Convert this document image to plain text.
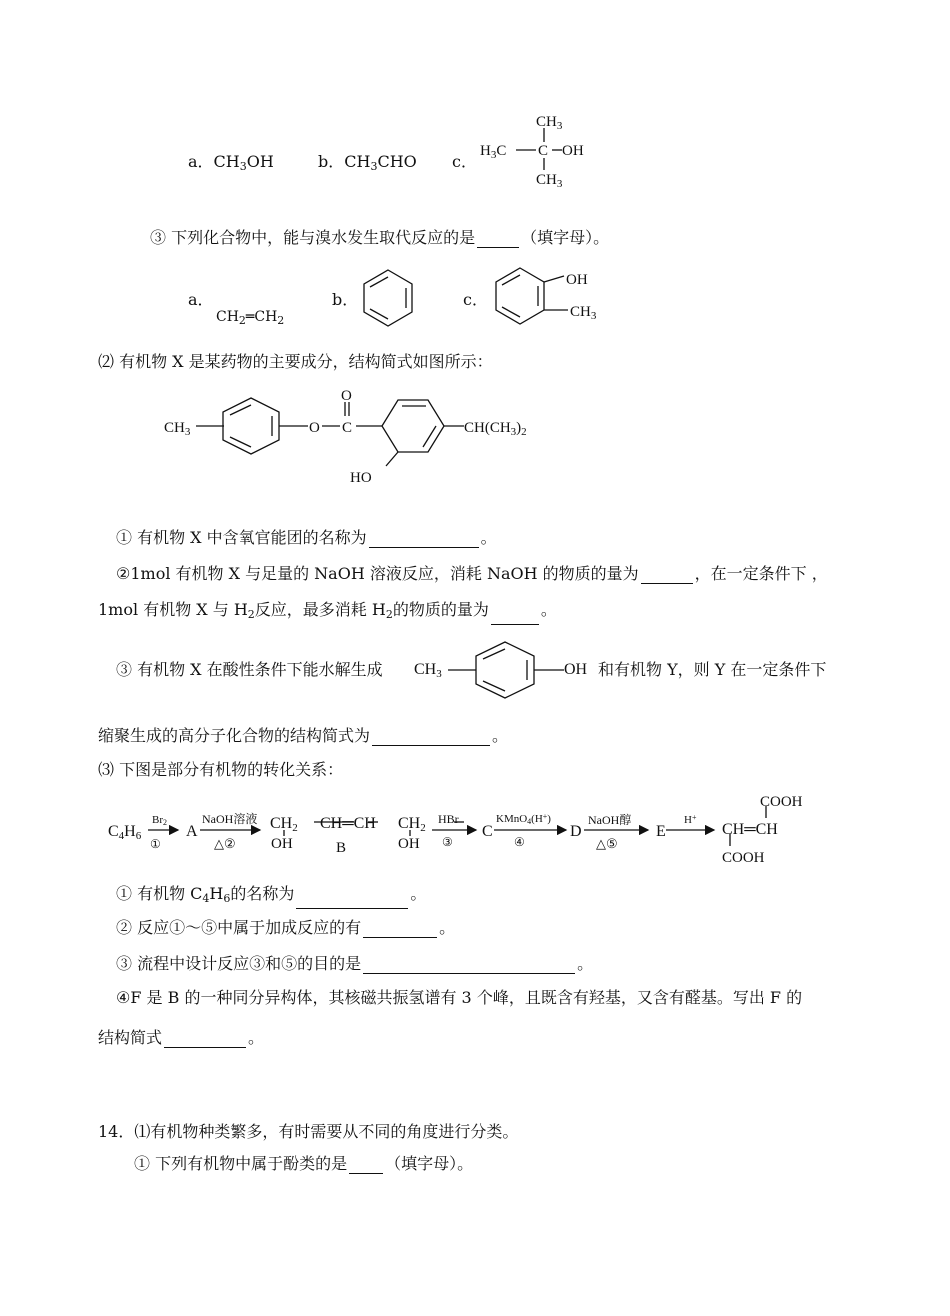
a．$CH_3OH$	b．$CH_3CHO$ c．
$CH_3$
$H_3C$ C OH
$CH_3$
③ 下列化合物中，能与溴水发生取代反应的是	（填字母）。
a．
$CH_2═CH_2$
b．	c．
OH
$CH_3$
⑵ 有机物 X 是某药物的主要成分，结构简式如图所示：
$CH_3$	O C
O
$CH(CH_3)_2$
HO
① 有机物 X 中含氧官能团的名称为	。
②1mol 有机物 X 与足量的 NaOH 溶液反应，消耗 NaOH 的物质的量为	，在一定条件下 ，
1mol 有机物 X 与 $H_2$反应，最多消耗 $H_2$的物质的量为	。
③ 有机物 X 在酸性条件下能水解生成 CH3	OH 和有机物 Y，则 Y 在一定条件下
缩聚生成的高分子化合物的结构简式为	。
⑶ 下图是部分有机物的转化关系：
C4H6
Br2
①
A
NaOH溶液
△②
CH2 CH═CH CH2
OH	OH
B
HBr
③
C
KMnO4(H+)
④
D
NaOH醇
△⑤
E
H+
COOH
CH═CH
COOH
① 有机物 $C_4H_6$的名称为	。
② 反应①～⑤中属于加成反应的有	。
③ 流程中设计反应③和⑤的目的是	。
④F 是 B 的一种同分异构体，其核磁共振氢谱有 3 个峰，且既含有羟基，又含有醛基。写出 F 的
结构简式	。
14．⑴有机物种类繁多，有时需要从不同的角度进行分类。
① 下列有机物中属于酚类的是 （填字母）。
